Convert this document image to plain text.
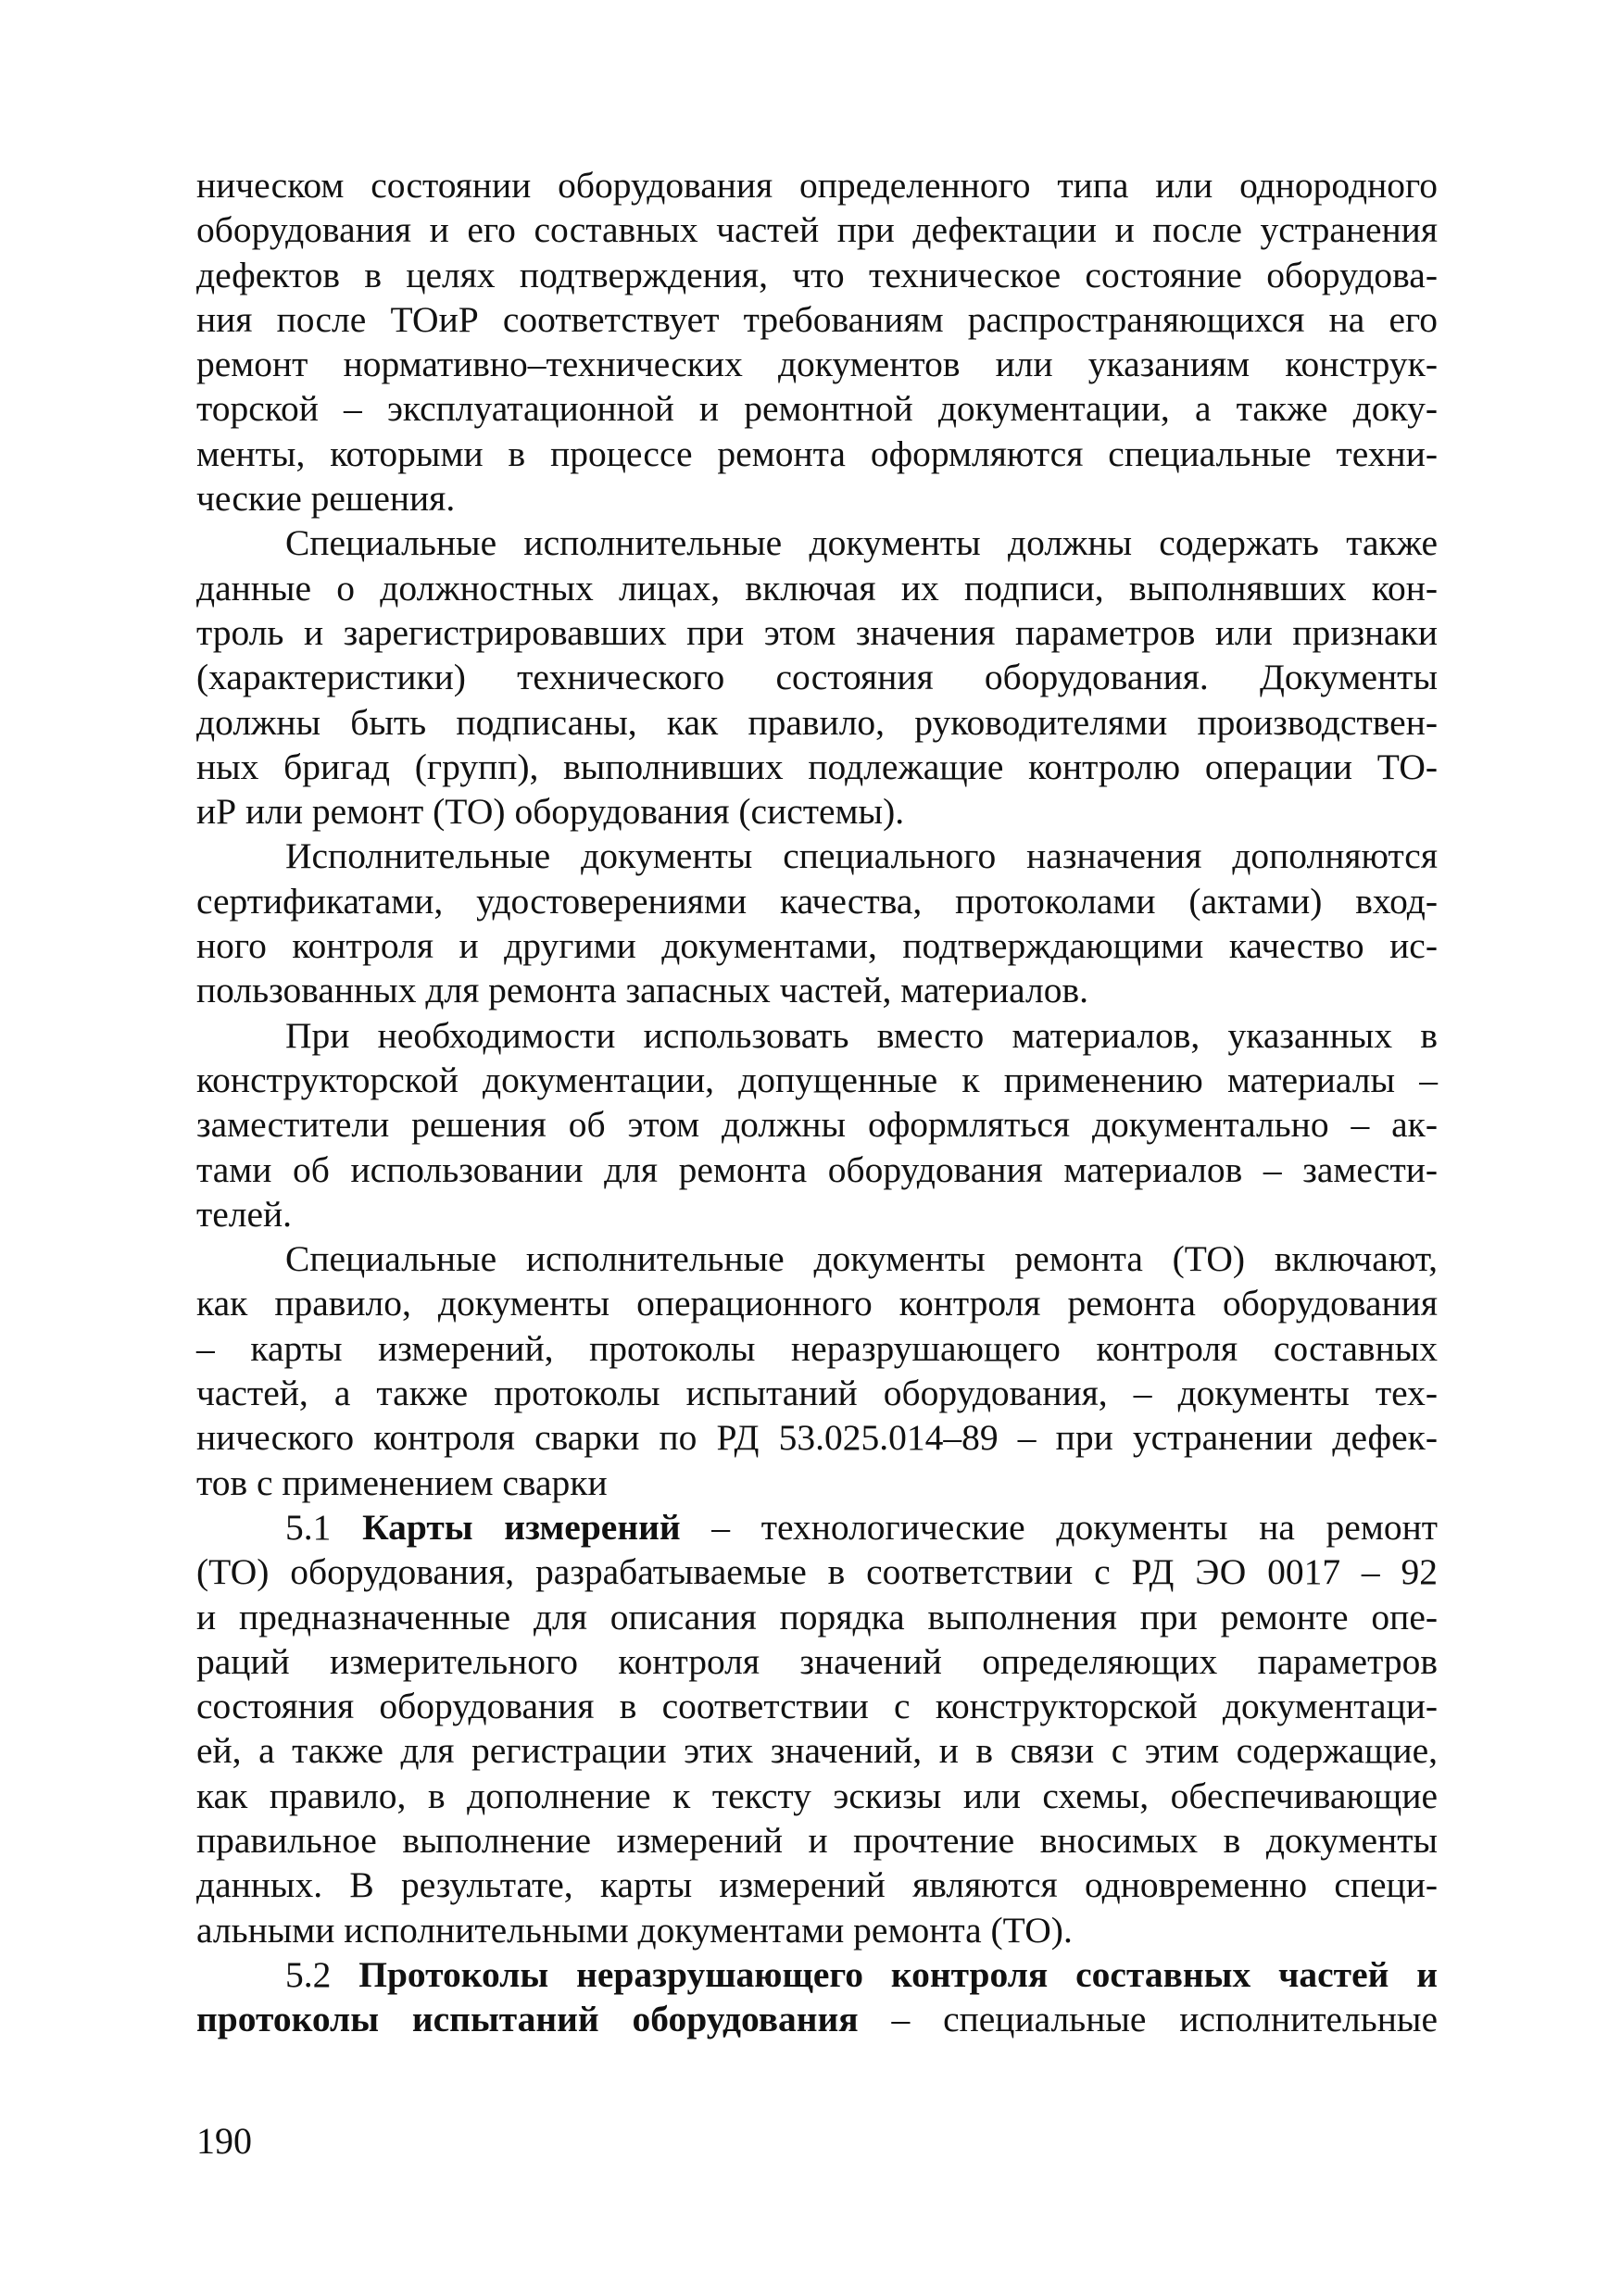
ническом состоянии оборудования определенного типа или однородного
оборудования и его составных частей при дефектации и после устранения
дефектов в целях подтверждения, что техническое состояние оборудова-
ния после ТОиР соответствует требованиям распространяющихся на его
ремонт нормативно–технических документов или указаниям конструк-
торской – эксплуатационной и ремонтной документации, а также доку-
менты, которыми в процессе ремонта оформляются специальные техни-
ческие решения.

Специальные исполнительные документы должны содержать также
данные о должностных лицах, включая их подписи, выполнявших кон-
троль и зарегистрировавших при этом значения параметров или признаки
(характеристики) технического состояния оборудования. Документы
должны быть подписаны, как правило, руководителями производствен-
ных бригад (групп), выполнивших подлежащие контролю операции ТО-
иР или ремонт (ТО) оборудования (системы).

Исполнительные документы специального назначения дополняются
сертификатами, удостоверениями качества, протоколами (актами) вход-
ного контроля и другими документами, подтверждающими качество ис-
пользованных для ремонта запасных частей, материалов.

При необходимости использовать вместо материалов, указанных в
конструкторской документации, допущенные к применению материалы –
заместители решения об этом должны оформляться документально – ак-
тами об использовании для ремонта оборудования материалов – замести-
телей.

Специальные исполнительные документы ремонта (ТО) включают,
как правило, документы операционного контроля ремонта оборудования
– карты измерений, протоколы неразрушающего контроля составных
частей, а также протоколы испытаний оборудования, – документы тех-
нического контроля сварки по РД 53.025.014–89 – при устранении дефек-
тов с применением сварки

5.1 Карты измерений – технологические документы на ремонт
(ТО) оборудования, разрабатываемые в соответствии с РД ЭО 0017 – 92
и предназначенные для описания порядка выполнения при ремонте опе-
раций измерительного контроля значений определяющих параметров
состояния оборудования в соответствии с конструкторской документаци-
ей, а также для регистрации этих значений, и в связи с этим содержащие,
как правило, в дополнение к тексту эскизы или схемы, обеспечивающие
правильное выполнение измерений и прочтение вносимых в документы
данных. В результате, карты измерений являются одновременно специ-
альными исполнительными документами ремонта (ТО).

5.2 Протоколы неразрушающего контроля составных частей и
протоколы испытаний оборудования – специальные исполнительные

190
